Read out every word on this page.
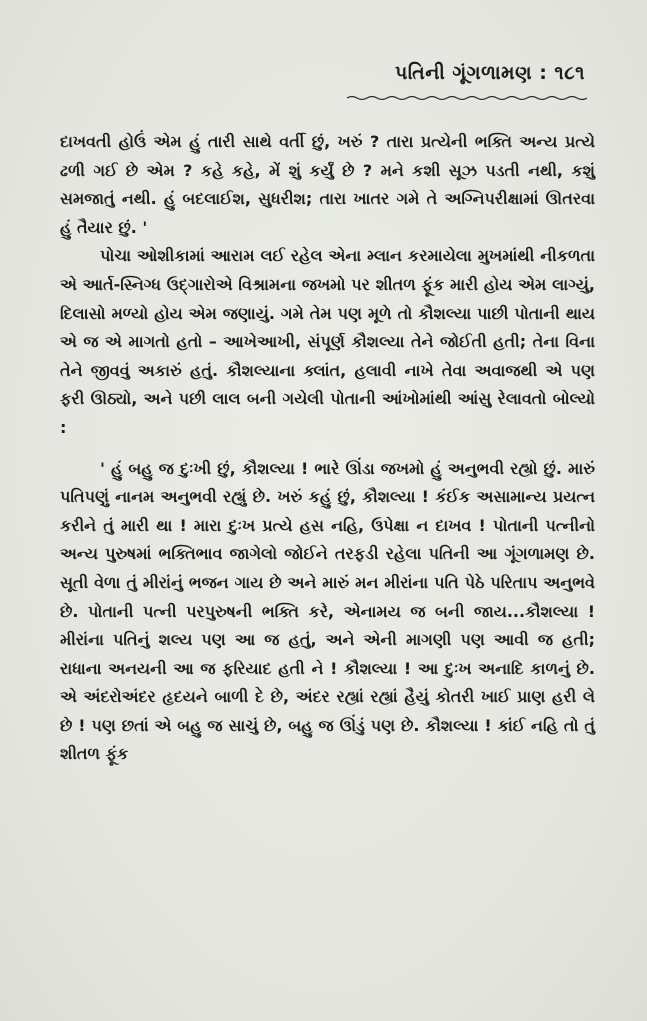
પતિની ગૂંગળામણ : ૧૮૧

દાખવતી હોઉં એમ હું તારી સાથે વર્તી છું, ખરું ? તારા પ્રત્યેની ભક્તિ અન્ય પ્રત્યે ઢળી ગઈ છે એમ ? કહે કહે, મેં શું કર્યું છે ? મને કશી સૂઝ પડતી નથી, કશું સમજાતું નથી. હું બદલાઈશ, સુધરીશ; તારા ખાતર ગમે તે અગ્નિપરીક્ષામાં ઊતરવા હું તૈયાર છું. '

પોચા ઓશીકામાં આરામ લઈ રહેલ એના મ્લાન કરમાયેલા મુખમાંથી નીકળતા એ આર્ત-સ્નિગ્ધ ઉદ્ગારોએ વિશ્રામના જખમો પર શીતળ ફૂંક મારી હોય એમ લાગ્યું, દિલાસો મળ્યો હોય એમ જણાયું. ગમે તેમ પણ મૂળે તો કૌશલ્યા પાછી પોતાની થાય એ જ એ માગતો હતો – આખેઆખી, સંપૂર્ણ કૌશલ્યા તેને જોઈતી હતી; તેના વિના તેને જીવવું અકારું હતું. કૌશલ્યાના ક્લાંત, હલાવી નાખે તેવા અવાજથી એ પણ ફરી ઊઠ્યો, અને પછી લાલ બની ગયેલી પોતાની આંખોમાંથી આંસુ રેલાવતો બોલ્યો :

' હું બહુ જ દુઃખી છું, કૌશલ્યા ! ભારે ઊંડા જખમો હું અનુભવી રહ્યો છું. મારું પતિપણું નાનમ અનુભવી રહ્યું છે. ખરું કહું છું, કૌશલ્યા ! કંઈક અસામાન્ય પ્રયત્ન કરીને તું મારી થા ! મારા દુઃખ પ્રત્યે હસ નહિ, ઉપેક્ષા ન દાખવ ! પોતાની પત્નીનો અન્ય પુરુષમાં ભક્તિભાવ જાગેલો જોઈને તરફડી રહેલા પતિની આ ગૂંગળામણ છે. સૂતી વેળા તું મીરાંનું ભજન ગાય છે અને મારું મન મીરાંના પતિ પેઠે પરિતાપ અનુભવે છે. પોતાની પત્ની પરપુરુષની ભક્તિ કરે, એનામય જ બની જાય...કૌશલ્યા ! મીરાંના પતિનું શલ્ય પણ આ જ હતું, અને એની માગણી પણ આવી જ હતી; રાધાના અનયની આ જ ફરિયાદ હતી ને ! કૌશલ્યા ! આ દુઃખ અનાદિ કાળનું છે. એ અંદરોઅંદર હૃદયને બાળી દે છે, અંદર રહ્યાં રહ્યાં હૈયું કોતરી ખાઈ પ્રાણ હરી લે છે ! પણ છતાં એ બહુ જ સાચું છે, બહુ જ ઊંડું પણ છે. કૌશલ્યા ! કાંઈ નહિ તો તું શીતળ ફૂંક
